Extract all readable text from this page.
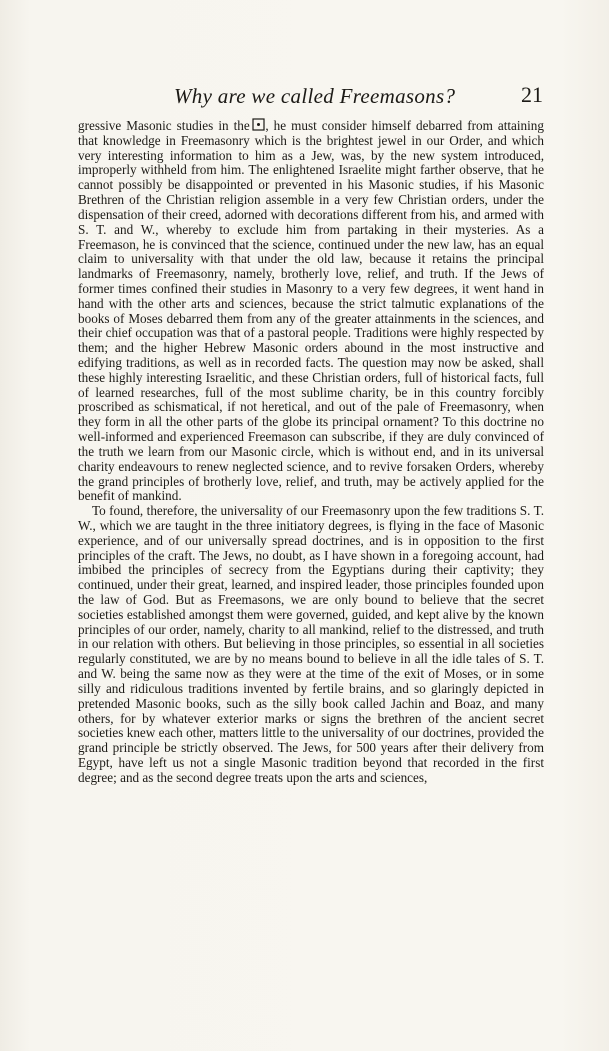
Why are we called Freemasons?	21

gressive Masonic studies in the  , he must consider himself debarred from attaining that knowledge in Freemasonry which is the brightest jewel in our Order, and which very interesting information to him as a Jew, was, by the new system introduced, improperly withheld from him. The enlightened Israelite might farther observe, that he cannot possibly be disappointed or prevented in his Masonic studies, if his Masonic Brethren of the Christian religion assemble in a very few Christian orders, under the dispensation of their creed, adorned with decorations different from his, and armed with S. T. and W., whereby to exclude him from partaking in their mysteries. As a Freemason, he is convinced that the science, continued under the new law, has an equal claim to universality with that under the old law, because it retains the principal landmarks of Freemasonry, namely, brotherly love, relief, and truth. If the Jews of former times confined their studies in Masonry to a very few degrees, it went hand in hand with the other arts and sciences, because the strict talmutic explanations of the books of Moses debarred them from any of the greater attainments in the sciences, and their chief occupation was that of a pastoral people. Traditions were highly respected by them; and the higher Hebrew Masonic orders abound in the most instructive and edifying traditions, as well as in recorded facts. The question may now be asked, shall these highly interesting Israelitic, and these Christian orders, full of historical facts, full of learned researches, full of the most sublime charity, be in this country forcibly proscribed as schismatical, if not heretical, and out of the pale of Freemasonry, when they form in all the other parts of the globe its principal ornament? To this doctrine no well-informed and experienced Freemason can subscribe, if they are duly convinced of the truth we learn from our Masonic circle, which is without end, and in its universal charity endeavours to renew neglected science, and to revive forsaken Orders, whereby the grand principles of brotherly love, relief, and truth, may be actively applied for the benefit of mankind.

To found, therefore, the universality of our Freemasonry upon the few traditions S. T. W., which we are taught in the three initiatory degrees, is flying in the face of Masonic experience, and of our universally spread doctrines, and is in opposition to the first principles of the craft. The Jews, no doubt, as I have shown in a foregoing account, had imbibed the principles of secrecy from the Egyptians during their captivity; they continued, under their great, learned, and inspired leader, those principles founded upon the law of God. But as Freemasons, we are only bound to believe that the secret societies established amongst them were governed, guided, and kept alive by the known principles of our order, namely, charity to all mankind, relief to the distressed, and truth in our relation with others. But believing in those principles, so essential in all societies regularly constituted, we are by no means bound to believe in all the idle tales of S. T. and W. being the same now as they were at the time of the exit of Moses, or in some silly and ridiculous traditions invented by fertile brains, and so glaringly depicted in pretended Masonic books, such as the silly book called Jachin and Boaz, and many others, for by whatever exterior marks or signs the brethren of the ancient secret societies knew each other, matters little to the universality of our doctrines, provided the grand principle be strictly observed. The Jews, for 500 years after their delivery from Egypt, have left us not a single Masonic tradition beyond that recorded in the first degree; and as the second degree treats upon the arts and sciences,
